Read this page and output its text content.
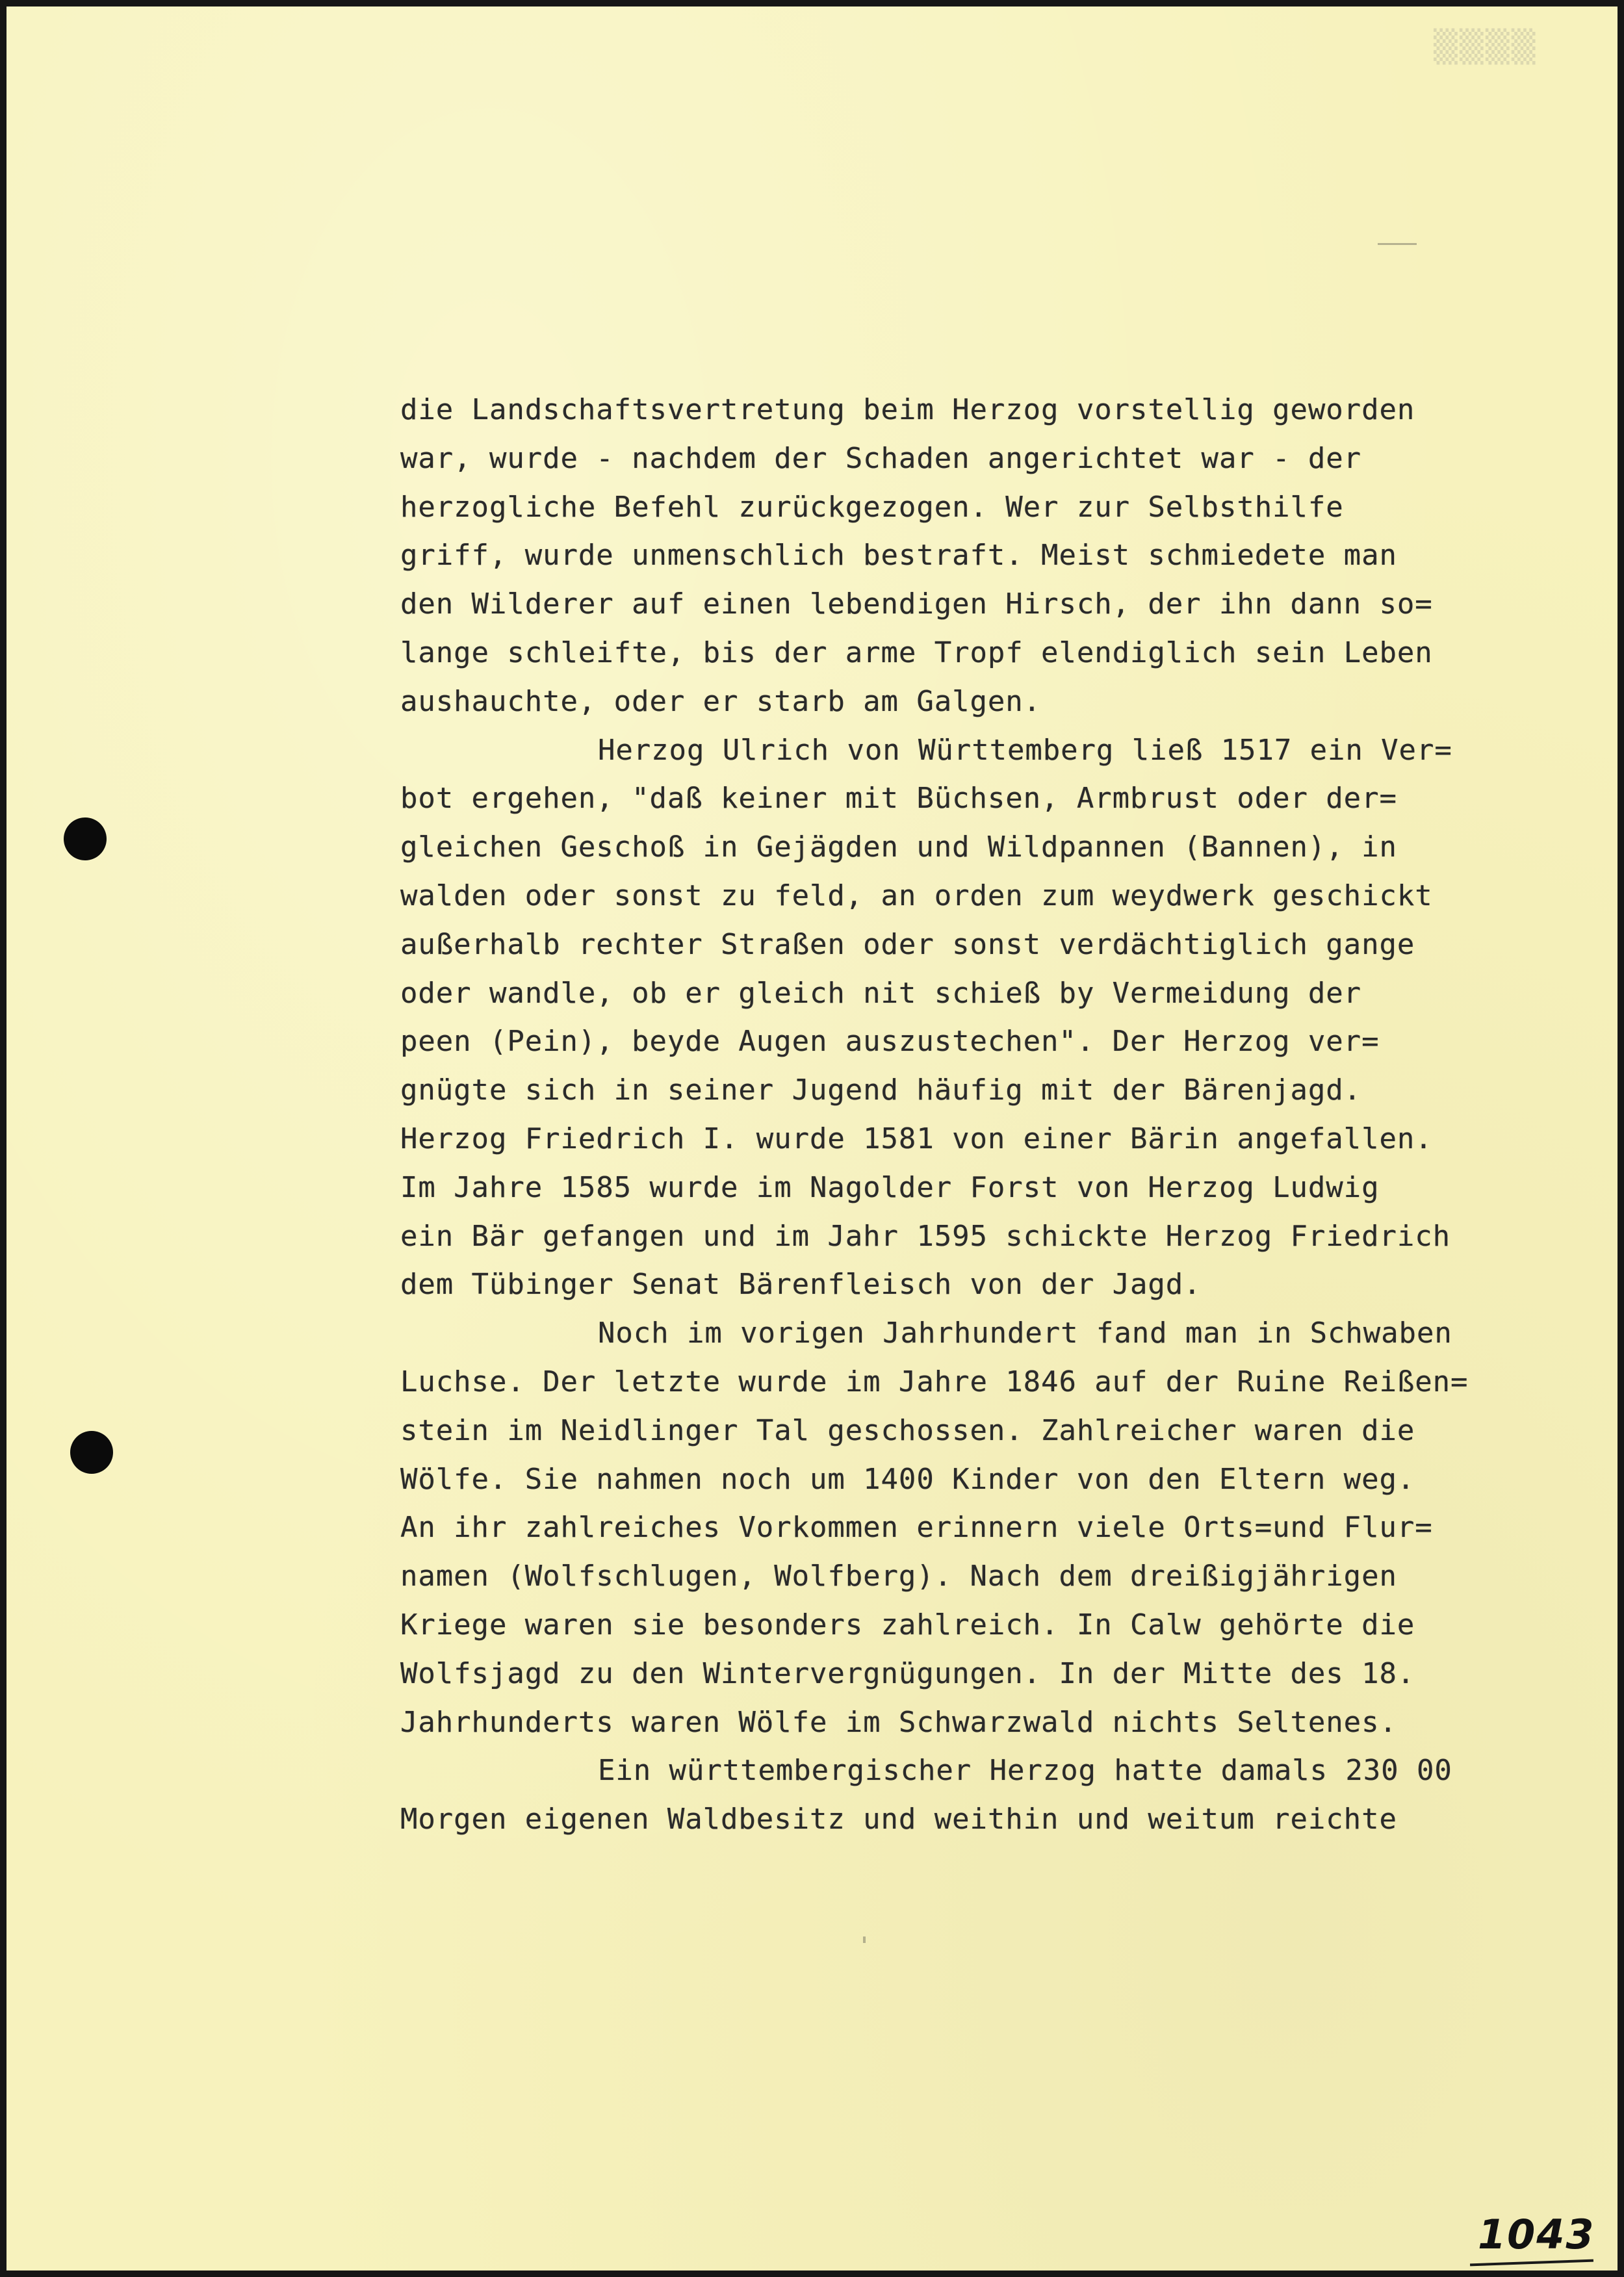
▒▒▒▒
die Landschaftsvertretung beim Herzog vorstellig geworden
war, wurde - nachdem der Schaden angerichtet war - der
herzogliche Befehl zurückgezogen. Wer zur Selbsthilfe
griff, wurde unmenschlich bestraft. Meist schmiedete man
den Wilderer auf einen lebendigen Hirsch, der ihn dann so=
lange schleifte, bis der arme Tropf elendiglich sein Leben
aushauchte, oder er starb am Galgen.
Herzog Ulrich von Württemberg ließ 1517 ein Ver=
bot ergehen, "daß keiner mit Büchsen, Armbrust oder der=
gleichen Geschoß in Gejägden und Wildpannen (Bannen), in
walden oder sonst zu feld, an orden zum weydwerk geschickt
außerhalb rechter Straßen oder sonst verdächtiglich gange
oder wandle, ob er gleich nit schieß by Vermeidung der
peen (Pein), beyde Augen auszustechen". Der Herzog ver=
gnügte sich in seiner Jugend häufig mit der Bärenjagd.
Herzog Friedrich I. wurde 1581 von einer Bärin angefallen.
Im Jahre 1585 wurde im Nagolder Forst von Herzog Ludwig
ein Bär gefangen und im Jahr 1595 schickte Herzog Friedrich
dem Tübinger Senat Bärenfleisch von der Jagd.
Noch im vorigen Jahrhundert fand man in Schwaben
Luchse. Der letzte wurde im Jahre 1846 auf der Ruine Reißen=
stein im Neidlinger Tal geschossen. Zahlreicher waren die
Wölfe. Sie nahmen noch um 1400 Kinder von den Eltern weg.
An ihr zahlreiches Vorkommen erinnern viele Orts=und Flur=
namen (Wolfschlugen, Wolfberg). Nach dem dreißigjährigen
Kriege waren sie besonders zahlreich. In Calw gehörte die
Wolfsjagd zu den Wintervergnügungen. In der Mitte des 18.
Jahrhunderts waren Wölfe im Schwarzwald nichts Seltenes.
Ein württembergischer Herzog hatte damals 230 00
Morgen eigenen Waldbesitz und weithin und weitum reichte
1043
